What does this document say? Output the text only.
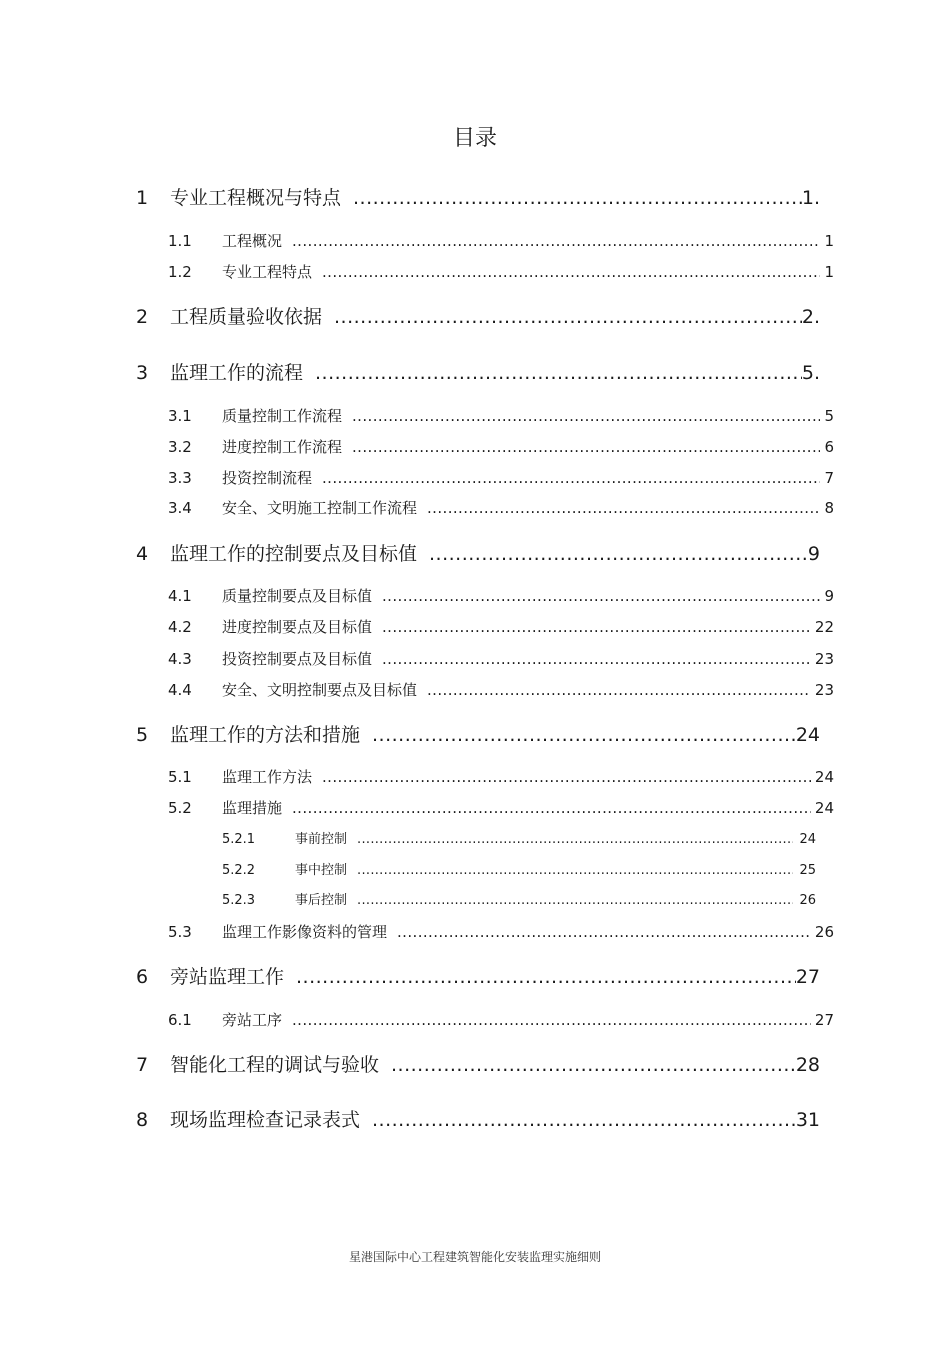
目录
1	专业工程概况与特点 .....	1.
1.1	工程概况 .....	1
1.2	专业工程特点 .....	1
2	工程质量验收依据 .....	2.
3	监理工作的流程 .....	5.
3.1	质量控制工作流程 .....	5
3.2	进度控制工作流程 .....	6
3.3	投资控制流程 .....	7
3.4	安全、文明施工控制工作流程 .....	8
4	监理工作的控制要点及目标值 .....	9
4.1	质量控制要点及目标值 .....	9
4.2	进度控制要点及目标值 .....	22
4.3	投资控制要点及目标值 .....	23
4.4	安全、文明控制要点及目标值 .....	23
5	监理工作的方法和措施 .....	24
5.1	监理工作方法 .....	24
5.2	监理措施 .....	24
5.2.1	事前控制 .....	24
5.2.2	事中控制 .....	25
5.2.3	事后控制 .....	26
5.3	监理工作影像资料的管理 .....	26
6	旁站监理工作 .....	27
6.1	旁站工序 .....	27
7	智能化工程的调试与验收 .....	28
8	现场监理检查记录表式 .....	31
星港国际中心工程建筑智能化安装监理实施细则
